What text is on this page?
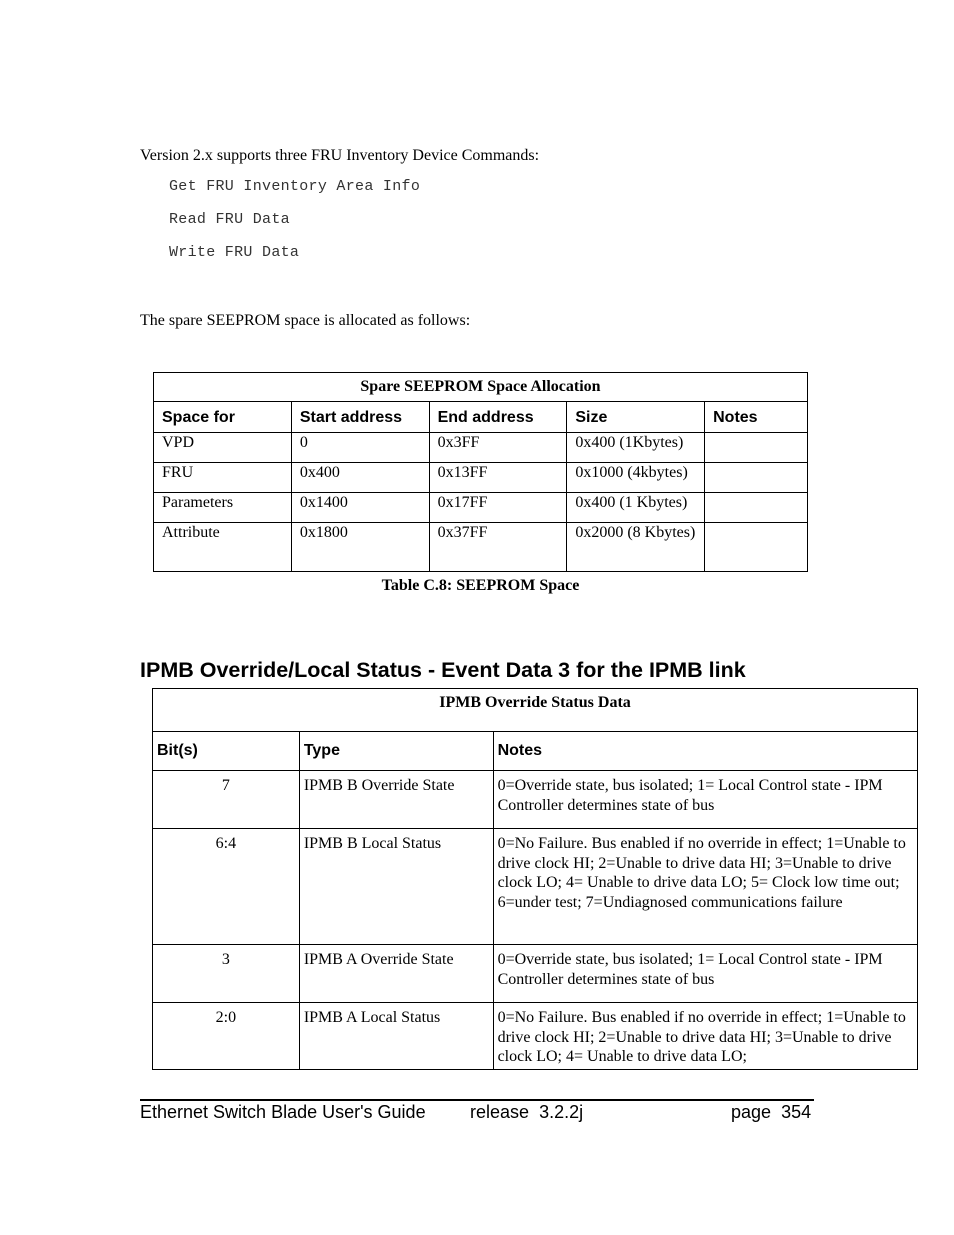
Version 2.x supports three FRU Inventory Device Commands:
Get FRU Inventory Area Info
Read FRU Data
Write FRU Data
The spare SEEPROM space is allocated as follows:
Spare SEEPROM Space Allocation				
Space for	Start address	End address	Size	Notes
VPD	0	0x3FF	0x400 (1Kbytes)	
FRU	0x400	0x13FF	0x1000 (4kbytes)	
Parameters	0x1400	0x17FF	0x400 (1 Kbytes)	
Attribute	0x1800	0x37FF	0x2000 (8 Kbytes)	
Table C.8: SEEPROM Space
IPMB Override/Local Status - Event Data 3 for the IPMB link
IPMB Override Status Data		
Bit(s)	Type	Notes
7	IPMB B Override State	0=Override state, bus isolated; 1= Local Control state - IPM Controller determines state of bus
6:4	IPMB B Local Status	0=No Failure. Bus enabled if no override in effect; 1=Unable to drive clock HI; 2=Unable to drive data HI; 3=Unable to drive clock LO; 4= Unable to drive data LO; 5= Clock low time out; 6=under test; 7=Undiagnosed communications failure
3	IPMB A Override State	0=Override state, bus isolated; 1= Local Control state - IPM Controller determines state of bus
2:0	IPMB A Local Status	0=No Failure. Bus enabled if no override in effect; 1=Unable to drive clock HI; 2=Unable to drive data HI; 3=Unable to drive clock LO; 4= Unable to drive data LO;
Ethernet Switch Blade User's Guide release 3.2.2j	page 354
